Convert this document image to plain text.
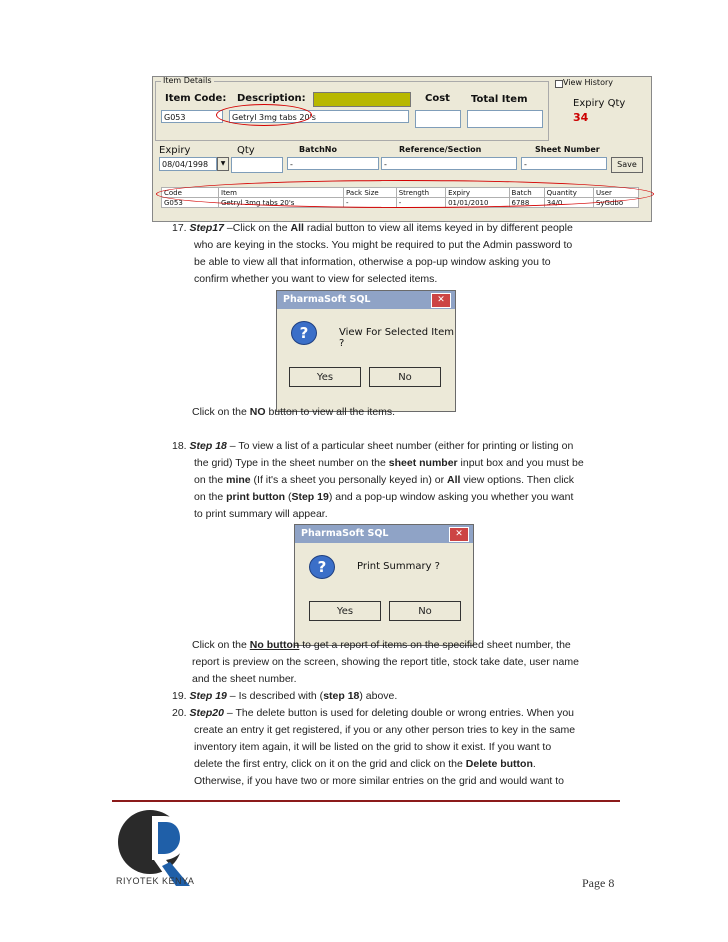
Item Details	View History
Item Code: Description:	Cost Total Item
G053	Getryl 3mg tabs 20's
Expiry Qty
34
Expiry	Qty	BatchNo	Reference/Section	Sheet Number
08/04/1998	▼	-	-	-	Save
Code	Item	Pack Size	Strength	Expiry	Batch	Quantity	User
G053	Getryl 3mg tabs 20's	-	-	01/01/2010	6788	34/0	SyGdbo
17. Step17 –Click on the All radial button to view all items keyed in by different people
who are keying in the stocks. You might be required to put the Admin password to
be able to view all that information, otherwise a pop-up window asking you to
confirm whether you want to view for selected items.
PharmaSoft SQL	✕
?	View For Selected Item ?
Yes	No
Click on the NO button to view all the items.
18. Step 18 – To view a list of a particular sheet number (either for printing or listing on
the grid) Type in the sheet number on the sheet number input box and you must be
on the mine (If it's a sheet you personally keyed in) or All view options. Then click
on the print button (Step 19) and a pop-up window asking you whether you want
to print summary will appear.
PharmaSoft SQL	✕
?	Print Summary ?
Yes	No
Click on the No button to get a report of items on the specified sheet number, the
report is preview on the screen, showing the report title, stock take date, user name
and the sheet number.
19. Step 19 – Is described with (step 18) above.
20. Step20 – The delete button is used for deleting double or wrong entries. When you
create an entry it get registered, if you or any other person tries to key in the same
inventory item again, it will be listed on the grid to show it exist. If you want to
delete the first entry, click on it on the grid and click on the Delete button.
Otherwise, if you have two or more similar entries on the grid and would want to
RIYOTEK KENYA	Page 8
